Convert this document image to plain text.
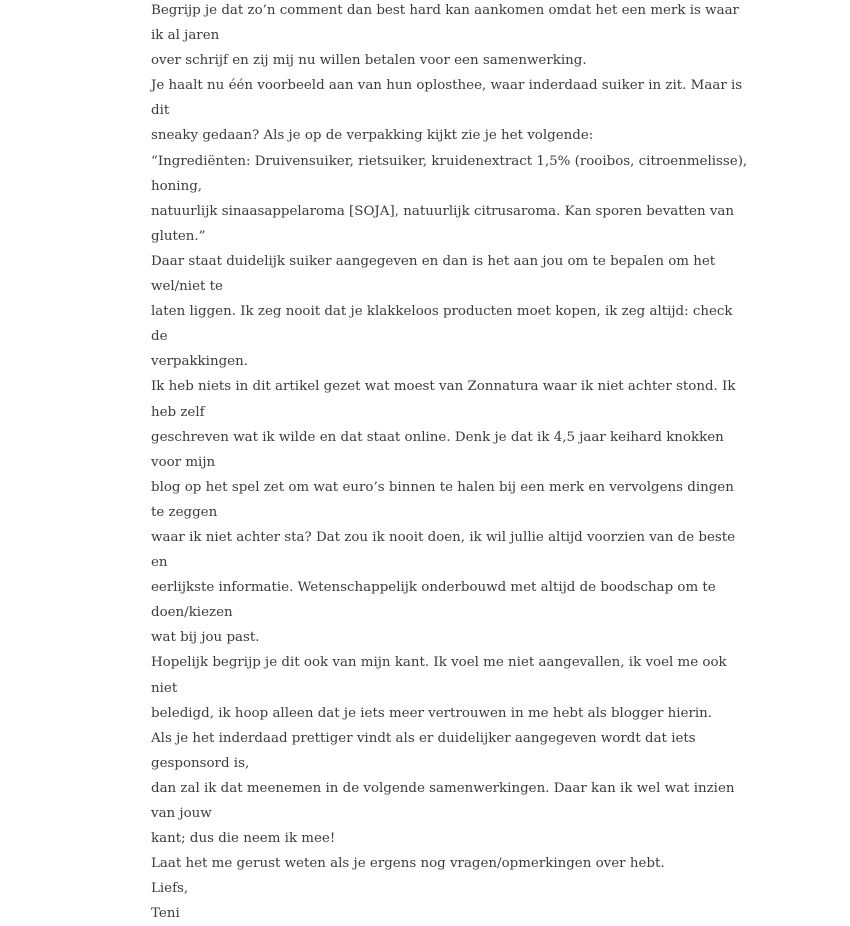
Begrijp je dat zo’n comment dan best hard kan aankomen omdat het een merk is waar ik al jaren
over schrijf en zij mij nu willen betalen voor een samenwerking.

Je haalt nu één voorbeeld aan van hun oplosthee, waar inderdaad suiker in zit. Maar is dit
sneaky gedaan? Als je op de verpakking kijkt zie je het volgende:

“Ingrediënten: Druivensuiker, rietsuiker, kruidenextract 1,5% (rooibos, citroenmelisse), honing,
natuurlijk sinaasappelaroma [SOJA], natuurlijk citrusaroma. Kan sporen bevatten van gluten.”

Daar staat duidelijk suiker aangegeven en dan is het aan jou om te bepalen om het wel/niet te
laten liggen. Ik zeg nooit dat je klakkeloos producten moet kopen, ik zeg altijd: check de
verpakkingen.

Ik heb niets in dit artikel gezet wat moest van Zonnatura waar ik niet achter stond. Ik heb zelf
geschreven wat ik wilde en dat staat online. Denk je dat ik 4,5 jaar keihard knokken voor mijn
blog op het spel zet om wat euro’s binnen te halen bij een merk en vervolgens dingen te zeggen
waar ik niet achter sta? Dat zou ik nooit doen, ik wil jullie altijd voorzien van de beste en
eerlijkste informatie. Wetenschappelijk onderbouwd met altijd de boodschap om te doen/kiezen
wat bij jou past.

Hopelijk begrijp je dit ook van mijn kant. Ik voel me niet aangevallen, ik voel me ook niet
beledigd, ik hoop alleen dat je iets meer vertrouwen in me hebt als blogger hierin.

Als je het inderdaad prettiger vindt als er duidelijker aangegeven wordt dat iets gesponsord is,
dan zal ik dat meenemen in de volgende samenwerkingen. Daar kan ik wel wat inzien van jouw
kant; dus die neem ik mee!

Laat het me gerust weten als je ergens nog vragen/opmerkingen over hebt.

Liefs,

Teni
